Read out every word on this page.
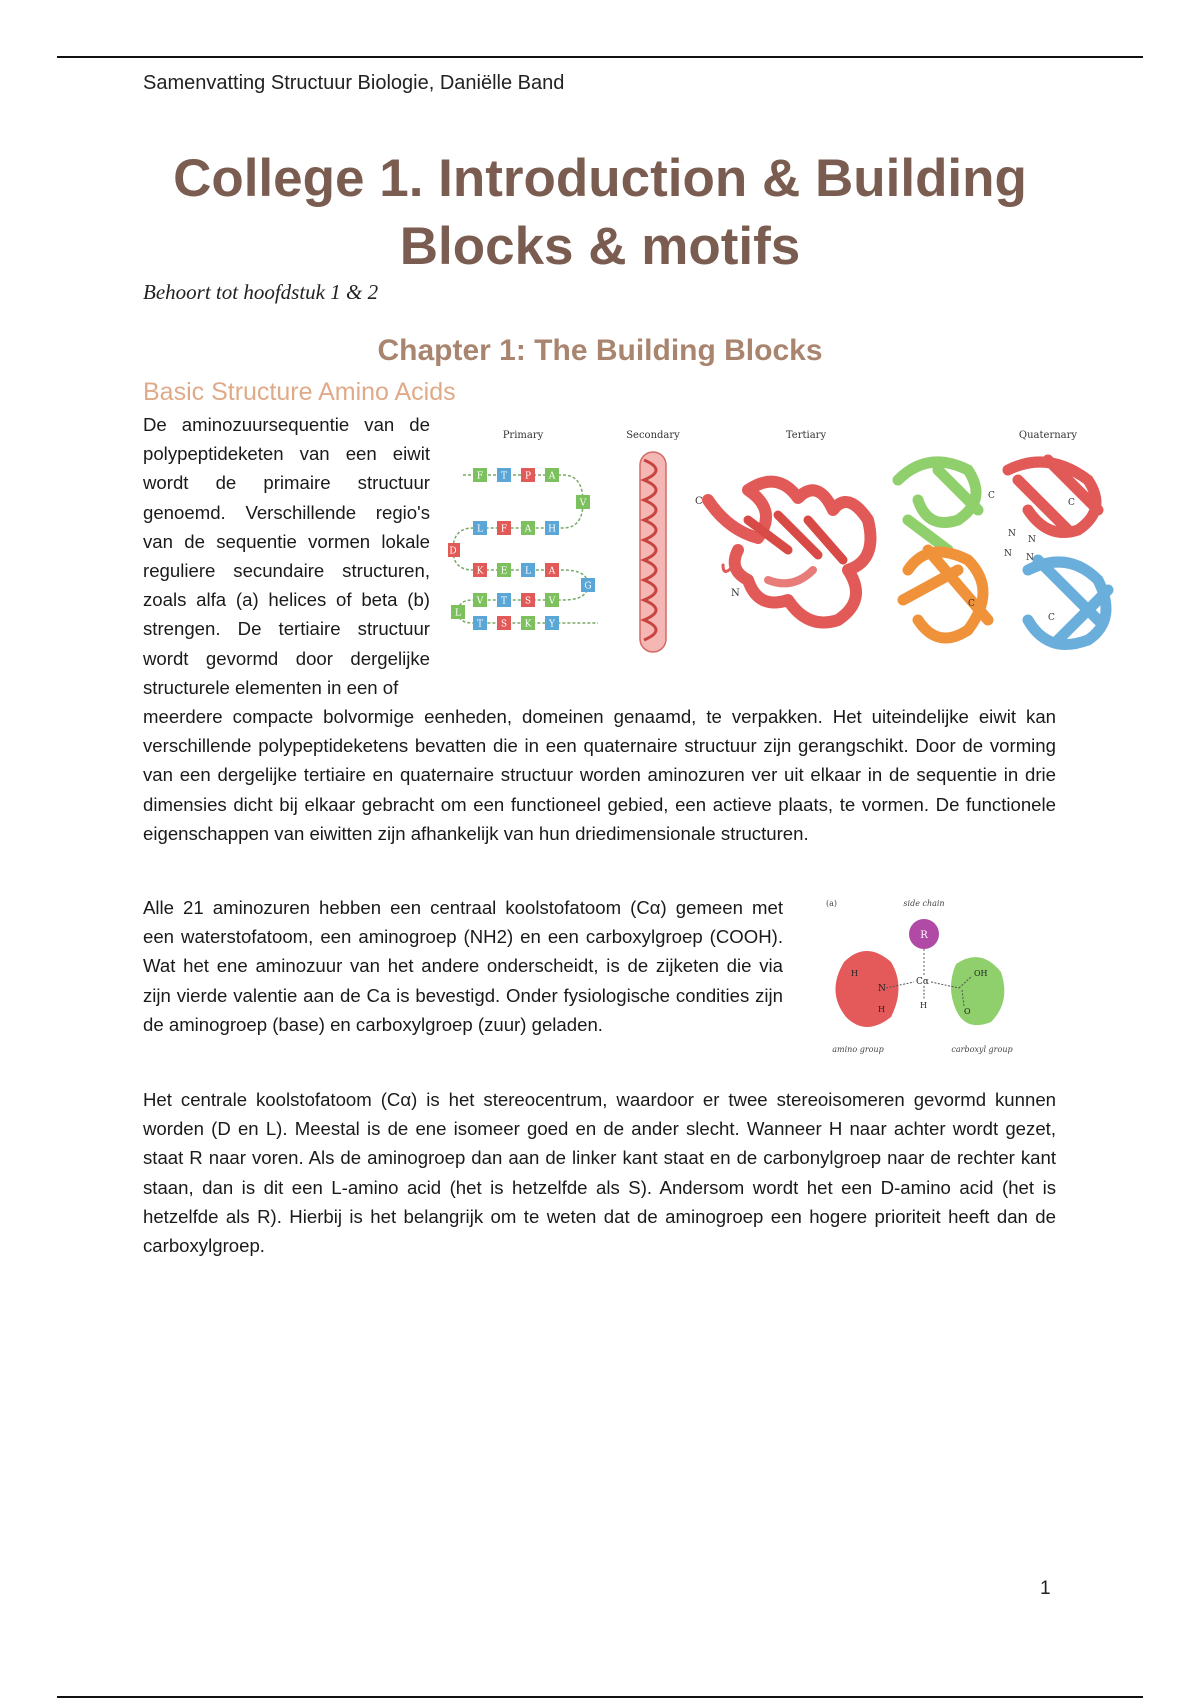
Samenvatting Structuur Biologie, Daniëlle Band
College 1. Introduction & Building
Blocks & motifs
Behoort tot hoofdstuk 1 & 2
Chapter 1: The Building Blocks
Basic Structure Amino Acids

De aminozuursequentie van de polypeptideketen van een eiwit wordt de primaire structuur genoemd. Verschillende regio's van de sequentie vormen lokale reguliere secundaire structuren, zoals alfa (a) helices of beta (b) strengen. De tertiaire structuur wordt gevormd door dergelijke structurele elementen in een of

Primary	Secondary	Tertiary	Quaternary
F T P A
L F A H
K E L A
V T S V
T S K Y
V
D
G
L
C
N
C
C
C
C
N
N
N N

meerdere compacte bolvormige eenheden, domeinen genaamd, te verpakken. Het uiteindelijke eiwit kan verschillende polypeptideketens bevatten die in een quaternaire structuur zijn gerangschikt. Door de vorming van een dergelijke tertiaire en quaternaire structuur worden aminozuren ver uit elkaar in de sequentie in drie dimensies dicht bij elkaar gebracht om een functioneel gebied, een actieve plaats, te vormen. De functionele eigenschappen van eiwitten zijn afhankelijk van hun driedimensionale structuren.

Alle 21 aminozuren hebben een centraal koolstofatoom (Cα) gemeen met een waterstofatoom, een aminogroep (NH2) en een carboxylgroep (COOH). Wat het ene aminozuur van het andere onderscheidt, is de zijketen die via zijn vierde valentie aan de Ca is bevestigd. Onder fysiologische condities zijn de aminogroep (base) en carboxylgroep (zuur) geladen.

(a)	side chain
R
H
N
H
Cα
H
OH
O
amino group	carboxyl group

Het centrale koolstofatoom (Cα) is het stereocentrum, waardoor er twee stereoisomeren gevormd kunnen worden (D en L). Meestal is de ene isomeer goed en de ander slecht. Wanneer H naar achter wordt gezet, staat R naar voren. Als de aminogroep dan aan de linker kant staat en de carbonylgroep naar de rechter kant staan, dan is dit een L-amino acid (het is hetzelfde als S). Andersom wordt het een D-amino acid (het is hetzelfde als R). Hierbij is het belangrijk om te weten dat de aminogroep een hogere prioriteit heeft dan de carboxylgroep.

1
